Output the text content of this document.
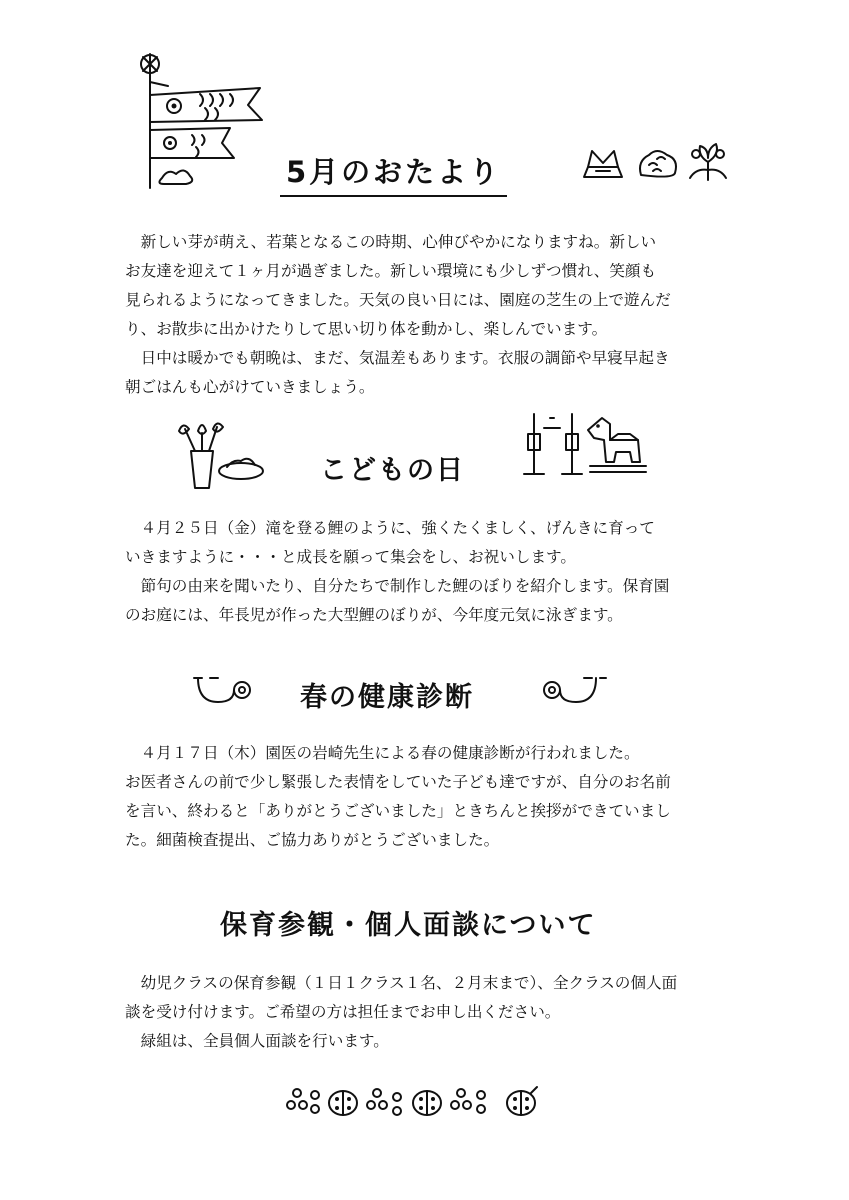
5月のおたより

　新しい芽が萌え、若葉となるこの時期、心伸びやかになりますね。新しい

お友達を迎えて１ヶ月が過ぎました。新しい環境にも少しずつ慣れ、笑顔も

見られるようになってきました。天気の良い日には、園庭の芝生の上で遊んだ

り、お散歩に出かけたりして思い切り体を動かし、楽しんでいます。

　日中は暖かでも朝晩は、まだ、気温差もあります。衣服の調節や早寝早起き

朝ごはんも心がけていきましょう。

こどもの日

　４月２５日（金）滝を登る鯉のように、強くたくましく、げんきに育って

いきますように・・・と成長を願って集会をし、お祝いします。

　節句の由来を聞いたり、自分たちで制作した鯉のぼりを紹介します。保育園

のお庭には、年長児が作った大型鯉のぼりが、今年度元気に泳ぎます。

春の健康診断

　４月１７日（木）園医の岩崎先生による春の健康診断が行われました。

お医者さんの前で少し緊張した表情をしていた子ども達ですが、自分のお名前

を言い、終わると「ありがとうございました」ときちんと挨拶ができていまし

た。細菌検査提出、ご協力ありがとうございました。

保育参観・個人面談について

　幼児クラスの保育参観（１日１クラス１名、２月末まで）、全クラスの個人面

談を受け付けます。ご希望の方は担任までお申し出ください。

　緑組は、全員個人面談を行います。
